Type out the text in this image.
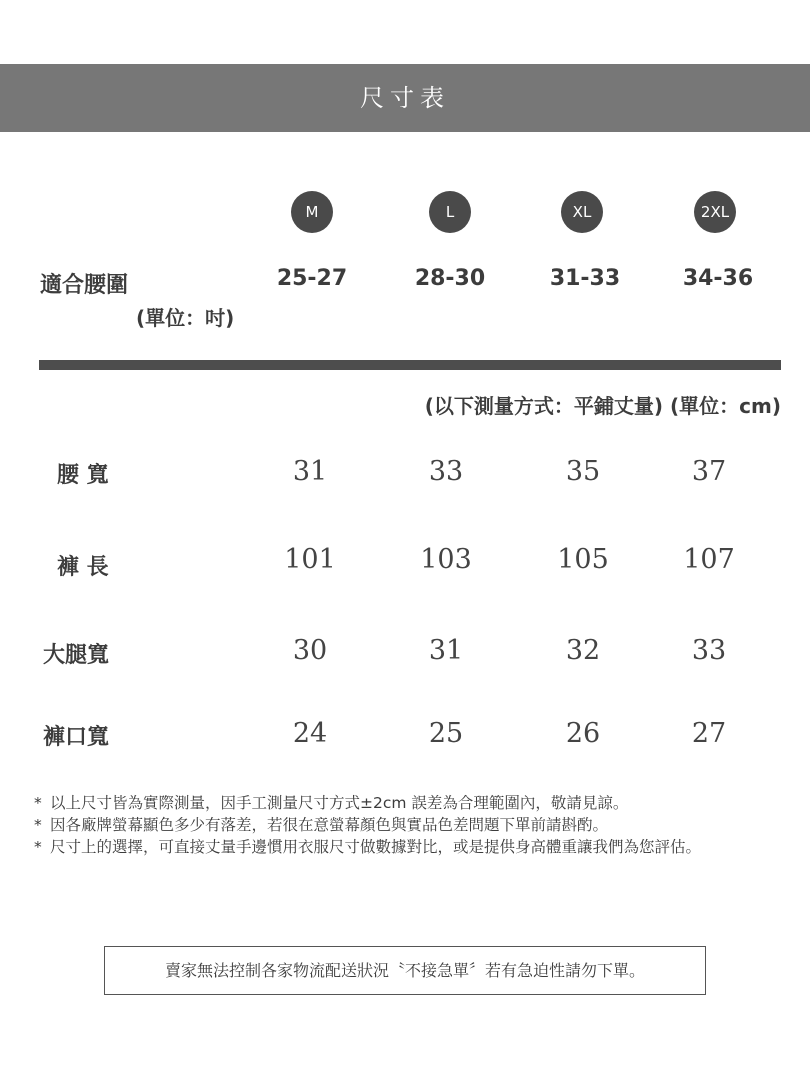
尺寸表
M	L	XL	2XL
適合腰圍
(單位：吋)
25-27	28-30	31-33	34-36
(以下測量方式：平鋪丈量) (單位：cm)
腰 寬	31	33	35	37
褲 長	101	103	105	107
大腿寬	30	31	32	33
褲口寬	24	25	26	27
* 以上尺寸皆為實際測量，因手工測量尺寸方式±2cm 誤差為合理範圍內，敬請見諒。
* 因各廠牌螢幕顯色多少有落差，若很在意螢幕顏色與實品色差問題下單前請斟酌。
* 尺寸上的選擇，可直接丈量手邊慣用衣服尺寸做數據對比，或是提供身高體重讓我們為您評估。
賣家無法控制各家物流配送狀況〝不接急單〞若有急迫性請勿下單。
